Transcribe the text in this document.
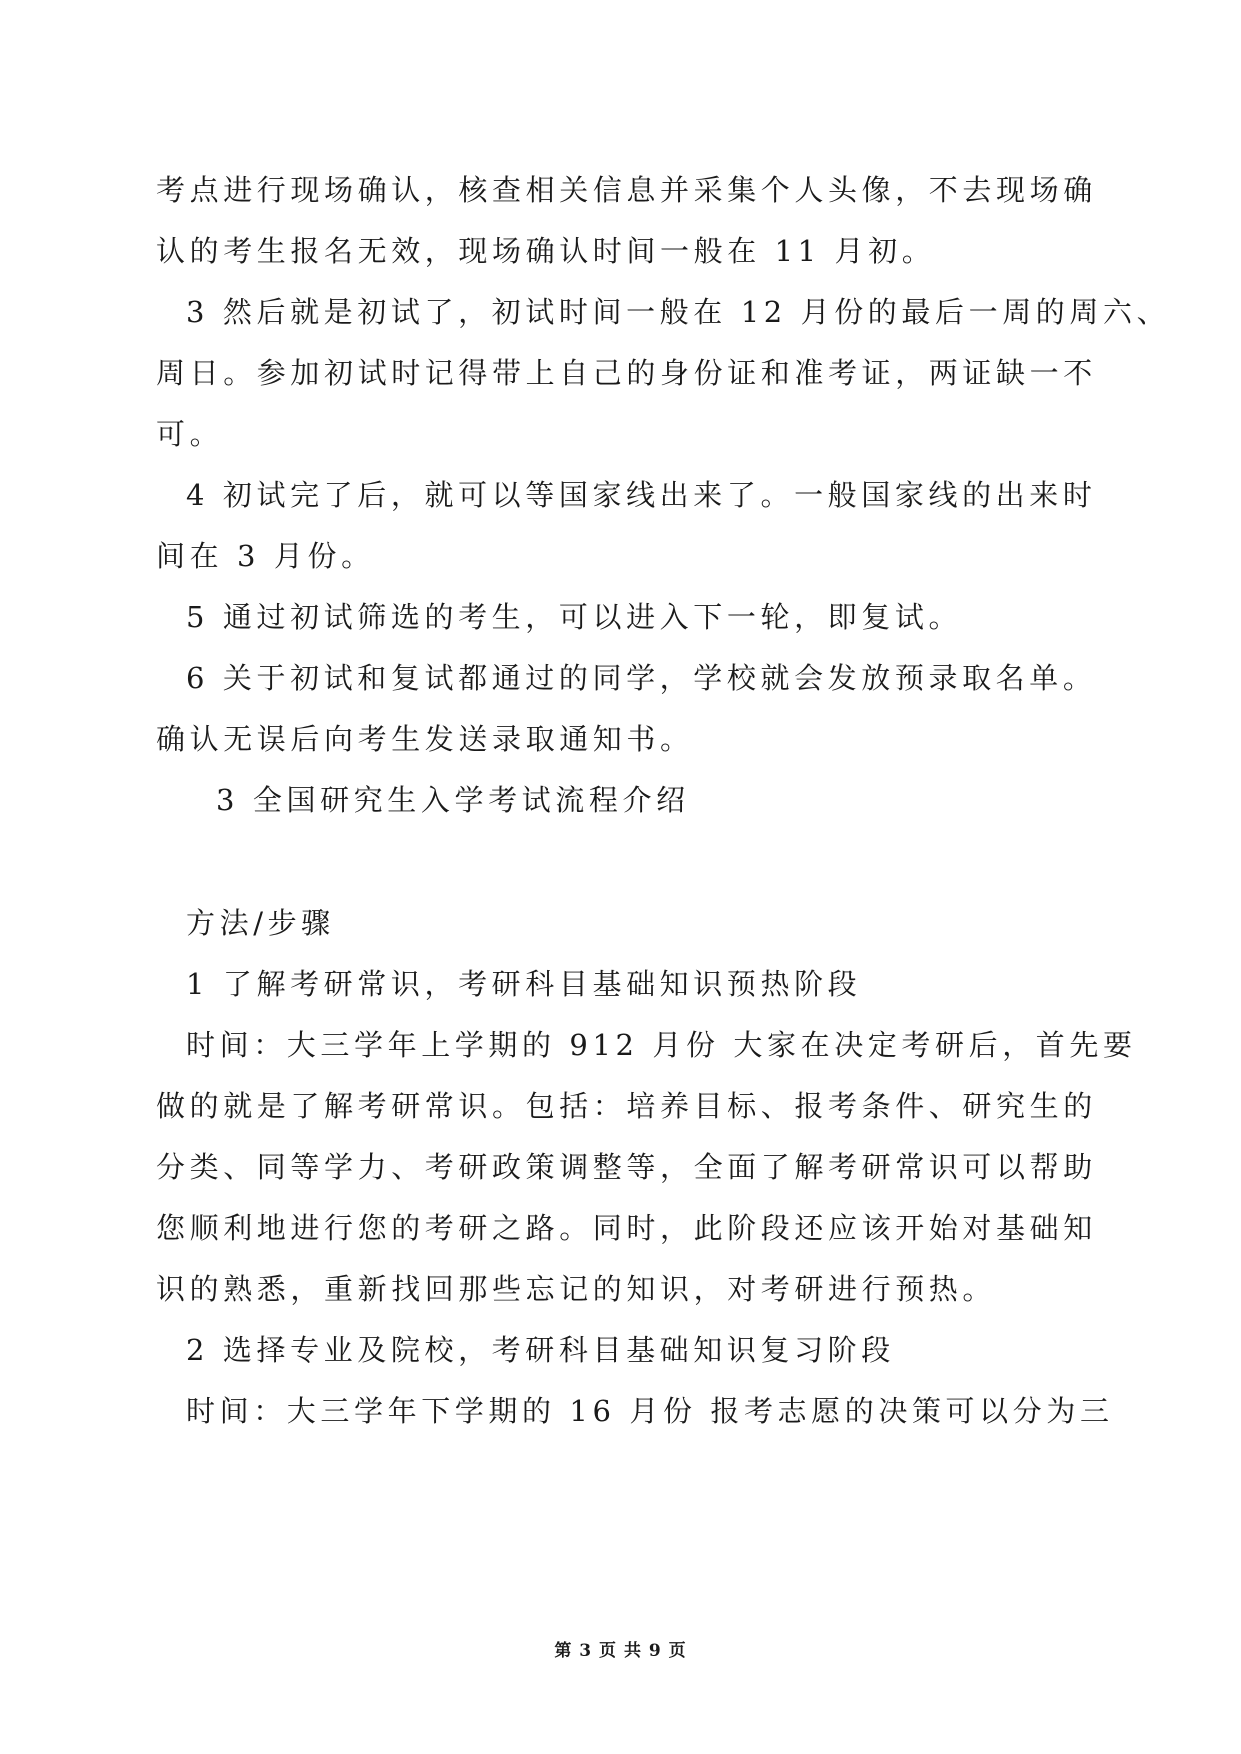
考点进行现场确认，核查相关信息并采集个人头像，不去现场确
认的考生报名无效，现场确认时间一般在 11 月初。
3 然后就是初试了，初试时间一般在 12 月份的最后一周的周六、
周日。参加初试时记得带上自己的身份证和准考证，两证缺一不
可。
4 初试完了后，就可以等国家线出来了。一般国家线的出来时
间在 3 月份。
5 通过初试筛选的考生，可以进入下一轮，即复试。
6 关于初试和复试都通过的同学，学校就会发放预录取名单。
确认无误后向考生发送录取通知书。
3 全国研究生入学考试流程介绍
方法/步骤
1 了解考研常识，考研科目基础知识预热阶段
时间：大三学年上学期的 912 月份 大家在决定考研后，首先要
做的就是了解考研常识。包括：培养目标、报考条件、研究生的
分类、同等学力、考研政策调整等，全面了解考研常识可以帮助
您顺利地进行您的考研之路。同时，此阶段还应该开始对基础知
识的熟悉，重新找回那些忘记的知识，对考研进行预热。
2 选择专业及院校，考研科目基础知识复习阶段
时间：大三学年下学期的 16 月份 报考志愿的决策可以分为三
第 3 页 共 9 页
